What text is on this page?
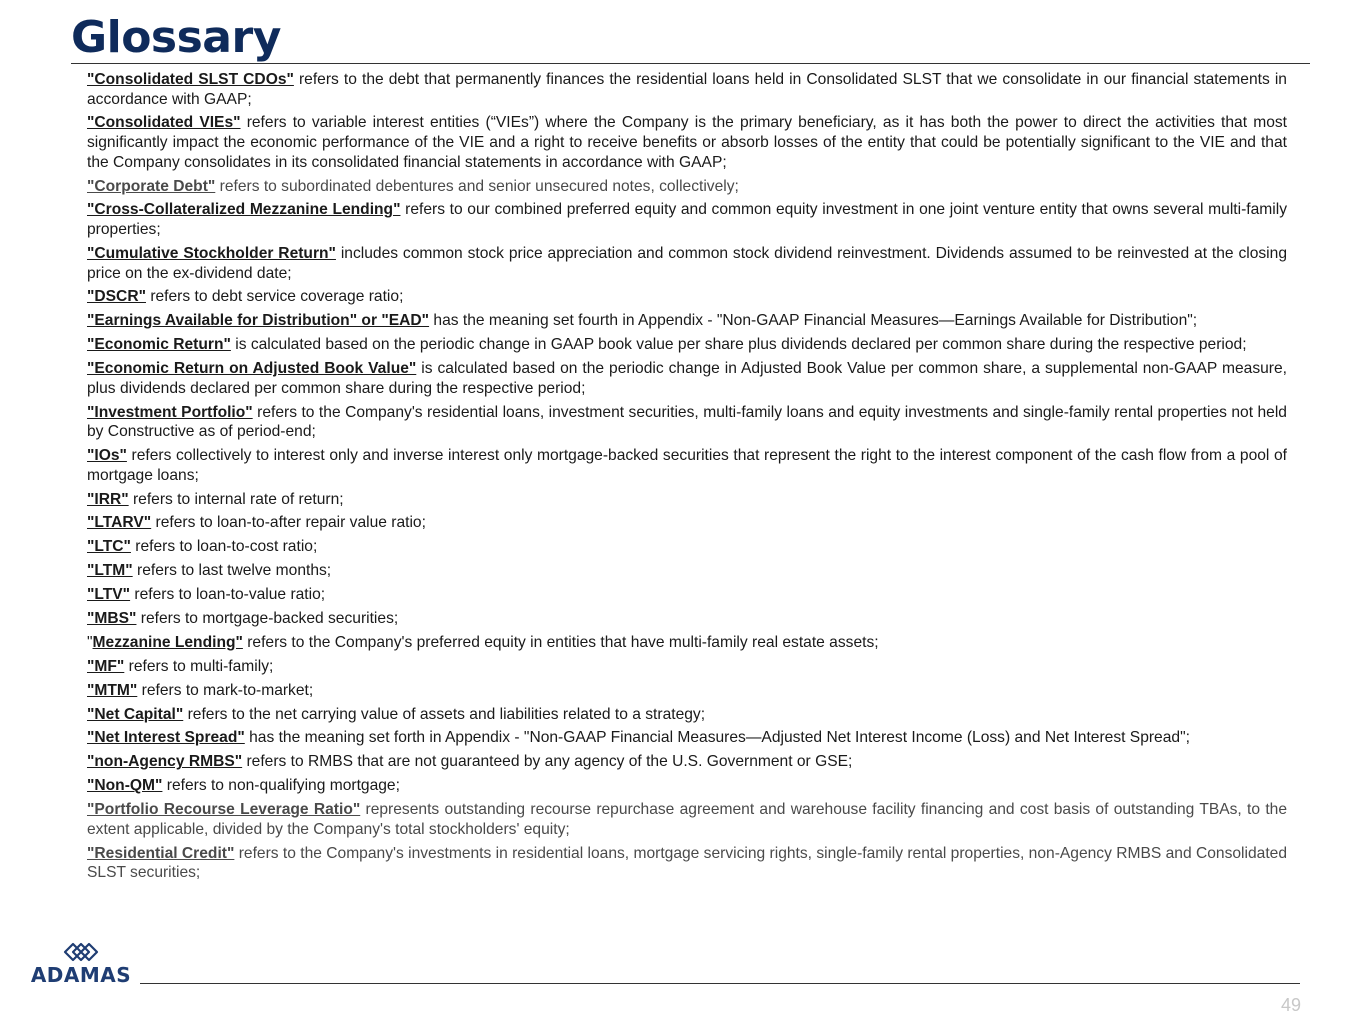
Glossary

"Consolidated SLST CDOs" refers to the debt that permanently finances the residential loans held in Consolidated SLST that we consolidate in our financial statements in accordance with GAAP;

"Consolidated VIEs" refers to variable interest entities (“VIEs”) where the Company is the primary beneficiary, as it has both the power to direct the activities that most significantly impact the economic performance of the VIE and a right to receive benefits or absorb losses of the entity that could be potentially significant to the VIE and that the Company consolidates in its consolidated financial statements in accordance with GAAP;

"Corporate Debt" refers to subordinated debentures and senior unsecured notes, collectively;

"Cross-Collateralized Mezzanine Lending" refers to our combined preferred equity and common equity investment in one joint venture entity that owns several multi-family properties;

"Cumulative Stockholder Return" includes common stock price appreciation and common stock dividend reinvestment. Dividends assumed to be reinvested at the closing price on the ex-dividend date;

"DSCR" refers to debt service coverage ratio;

"Earnings Available for Distribution" or "EAD" has the meaning set fourth in Appendix - "Non-GAAP Financial Measures—Earnings Available for Distribution";

"Economic Return" is calculated based on the periodic change in GAAP book value per share plus dividends declared per common share during the respective period;

"Economic Return on Adjusted Book Value" is calculated based on the periodic change in Adjusted Book Value per common share, a supplemental non-GAAP measure, plus dividends declared per common share during the respective period;

"Investment Portfolio" refers to the Company's residential loans, investment securities, multi-family loans and equity investments and single-family rental properties not held by Constructive as of period-end;

"IOs" refers collectively to interest only and inverse interest only mortgage-backed securities that represent the right to the interest component of the cash flow from a pool of mortgage loans;

"IRR" refers to internal rate of return;

"LTARV" refers to loan-to-after repair value ratio;

"LTC" refers to loan-to-cost ratio;

"LTM" refers to last twelve months;

"LTV" refers to loan-to-value ratio;

"MBS" refers to mortgage-backed securities;

"Mezzanine Lending" refers to the Company's preferred equity in entities that have multi-family real estate assets;

"MF" refers to multi-family;

"MTM" refers to mark-to-market;

"Net Capital" refers to the net carrying value of assets and liabilities related to a strategy;

"Net Interest Spread" has the meaning set forth in Appendix - "Non-GAAP Financial Measures—Adjusted Net Interest Income (Loss) and Net Interest Spread";

"non-Agency RMBS" refers to RMBS that are not guaranteed by any agency of the U.S. Government or GSE;

"Non-QM" refers to non-qualifying mortgage;

"Portfolio Recourse Leverage Ratio" represents outstanding recourse repurchase agreement and warehouse facility financing and cost basis of outstanding TBAs, to the extent applicable, divided by the Company's total stockholders' equity;

"Residential Credit" refers to the Company's investments in residential loans, mortgage servicing rights, single-family rental properties, non-Agency RMBS and Consolidated SLST securities;

ADAMAS
49
